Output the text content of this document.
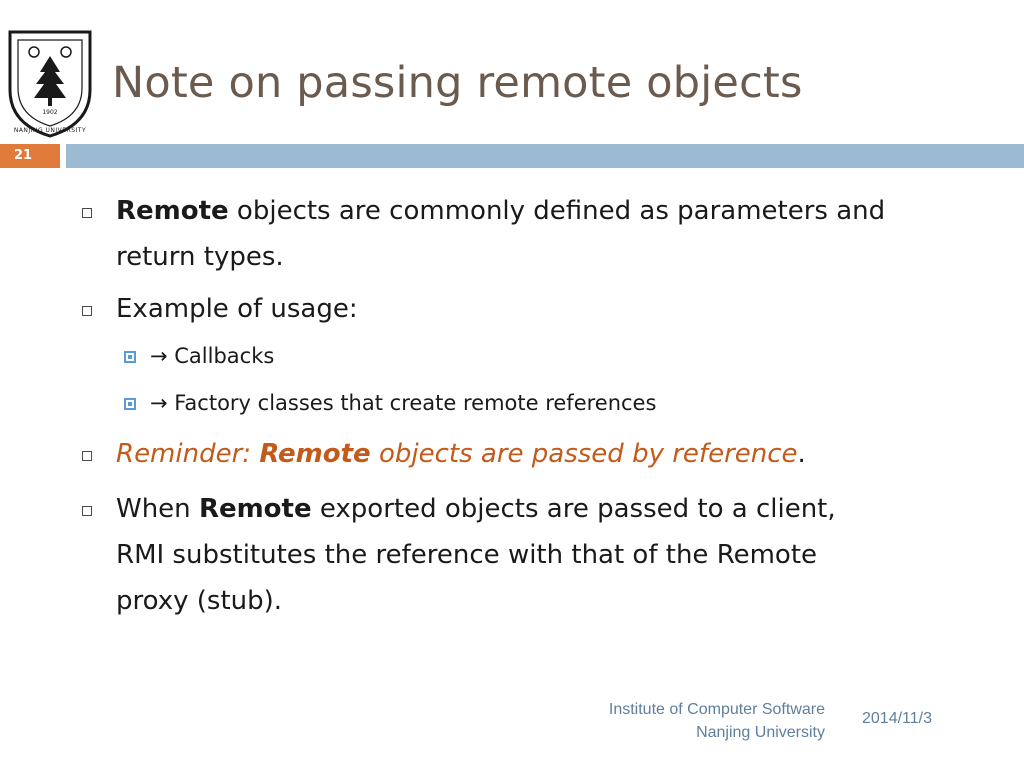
1902
NANJING UNIVERSITY
Note on passing remote objects
21
Remote objects are commonly defined as parameters and
return types.
Example of usage:
→ Callbacks
→ Factory classes that create remote references
Reminder: Remote objects are passed by reference.
When Remote exported objects are passed to a client,
RMI substitutes the reference with that of the Remote
proxy (stub).
Institute of Computer Software
Nanjing University
2014/11/3
